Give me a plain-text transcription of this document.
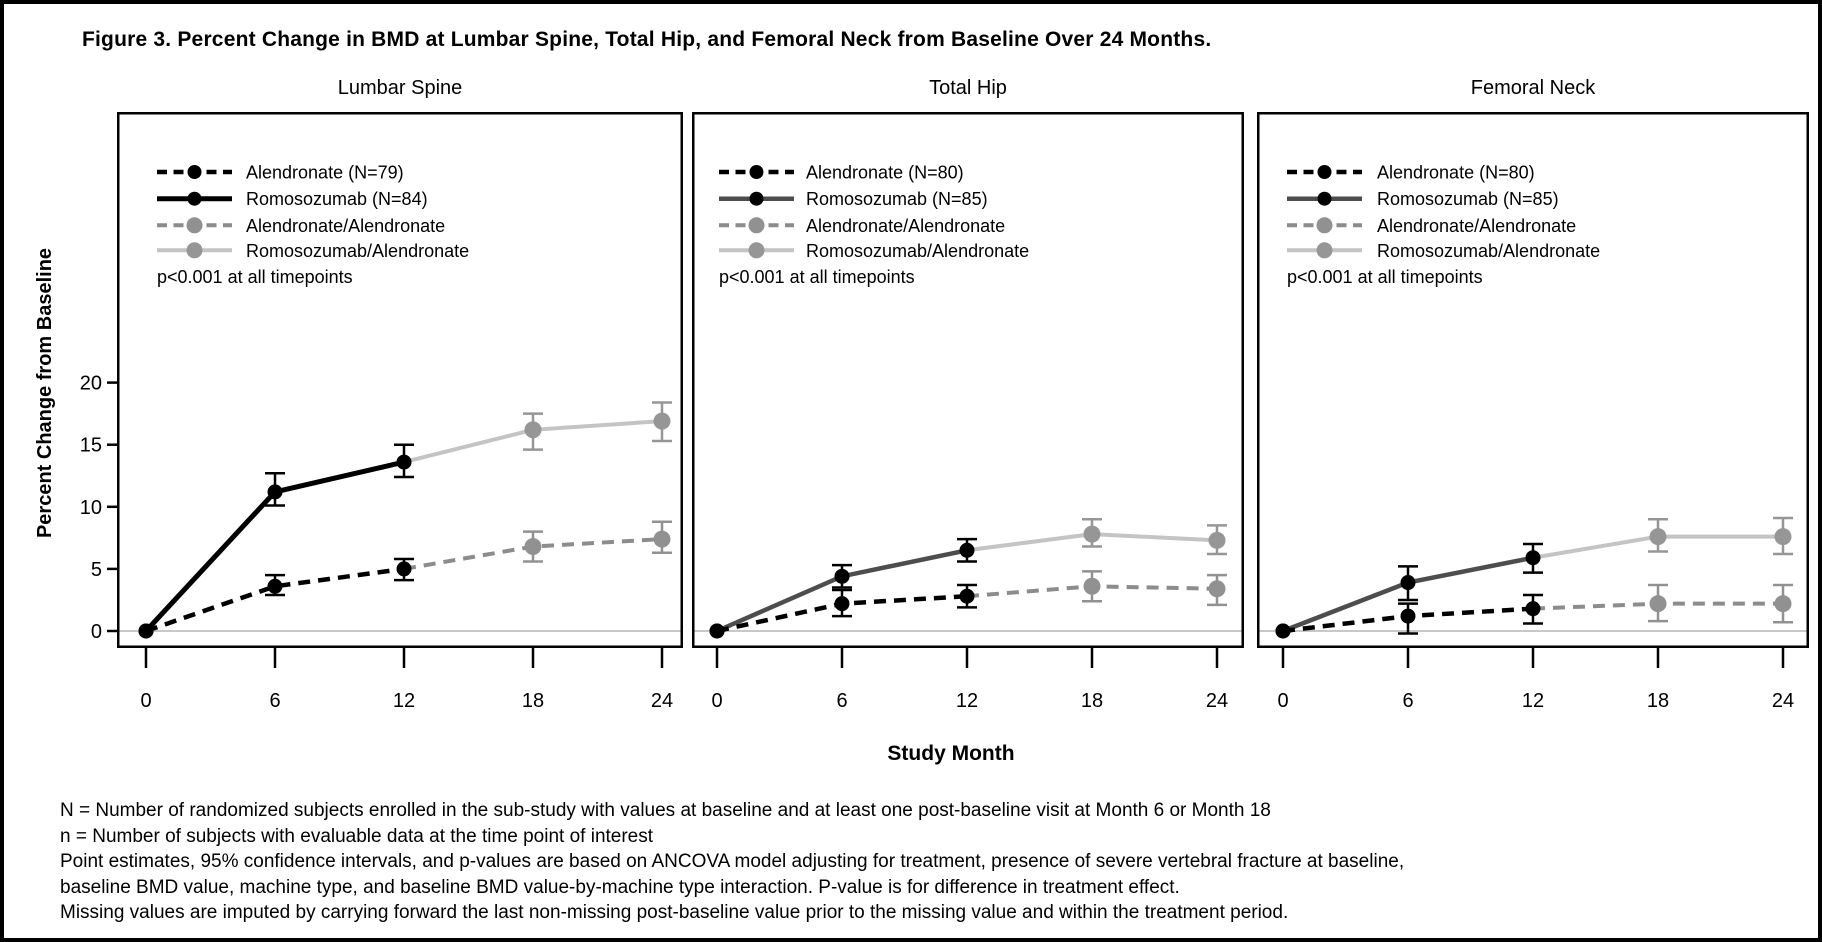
Figure 3. Percent Change in BMD at Lumbar Spine, Total Hip, and Femoral Neck from Baseline Over 24 Months.
Percent Change from Baseline
Lumbar Spine
0	6	12	18	24
0
5
10
15
20
Alendronate (N=79)
Romosozumab (N=84)
Alendronate/Alendronate
Romosozumab/Alendronate
p<0.001 at all timepoints
Total Hip
0	6	12	18	24
Alendronate (N=80)
Romosozumab (N=85)
Alendronate/Alendronate
Romosozumab/Alendronate
p<0.001 at all timepoints
Femoral Neck
0	6	12	18	24
Alendronate (N=80)
Romosozumab (N=85)
Alendronate/Alendronate
Romosozumab/Alendronate
p<0.001 at all timepoints
Study Month
N = Number of randomized subjects enrolled in the sub-study with values at baseline and at least one post-baseline visit at Month 6 or Month 18
n = Number of subjects with evaluable data at the time point of interest
Point estimates, 95% confidence intervals, and p-values are based on ANCOVA model adjusting for treatment, presence of severe vertebral fracture at baseline,
baseline BMD value, machine type, and baseline BMD value-by-machine type interaction. P-value is for difference in treatment effect.
Missing values are imputed by carrying forward the last non-missing post-baseline value prior to the missing value and within the treatment period.
